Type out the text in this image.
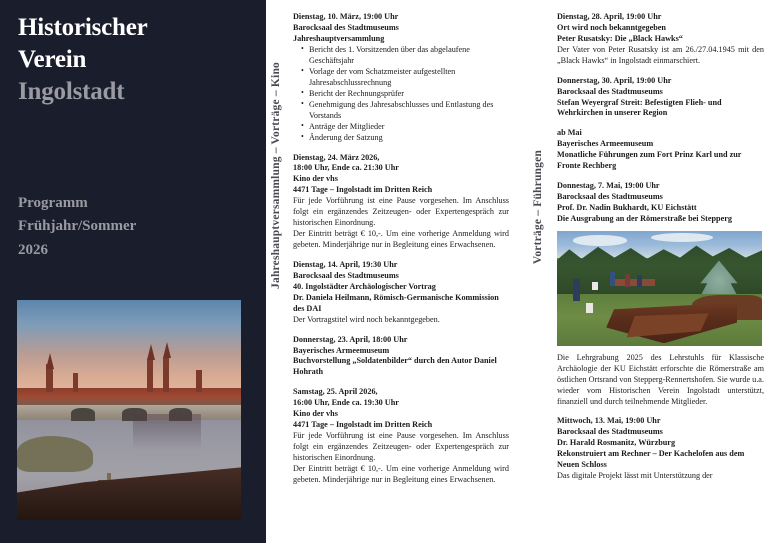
Historischer
Verein
Ingolstadt
Programm
Frühjahr/Sommer
2026	Jahreshauptversammlung – Vorträge – Kino	Vorträge – Führungen
Dienstag, 10. März, 19:00 Uhr
Barocksaal des Stadtmuseums
Jahreshauptversammlung
• Bericht des 1. Vorsitzenden über das abgelaufene Geschäftsjahr
• Vorlage der vom Schatzmeister aufgestellten Jahresabschlussrechnung
• Bericht der Rechnungsprüfer
• Genehmigung des Jahresabschlusses und Entlastung des Vorstands
• Anträge der Mitglieder
• Änderung der Satzung
Dienstag, 24. März 2026,
18:00 Uhr, Ende ca. 21:30 Uhr
Kino der vhs
4471 Tage – Ingolstadt im Dritten Reich

Für jede Vorführung ist eine Pause vorgesehen. Im Anschluss folgt ein ergänzendes Zeitzeugen- oder Expertengespräch zur historischen Einordnung.

Der Eintritt beträgt € 10,-. Um eine vorherige Anmeldung wird gebeten. Minderjährige nur in Begleitung eines Erwachsenen.

Dienstag, 14. April, 19:30 Uhr
Barocksaal des Stadtmuseums
40. Ingolstädter Archäologischer Vortrag
Dr. Daniela Heilmann, Römisch-Germanische Kommission des DAI

Der Vortragstitel wird noch bekanntgegeben.

Donnerstag, 23. April, 18:00 Uhr
Bayerisches Armeemuseum
Buchvorstellung „Soldatenbilder“ durch den Autor Daniel Hohrath
Samstag, 25. April 2026,
16:00 Uhr, Ende ca. 19:30 Uhr
Kino der vhs
4471 Tage – Ingolstadt im Dritten Reich

Für jede Vorführung ist eine Pause vorgesehen. Im Anschluss folgt ein ergänzendes Zeitzeugen- oder Expertengespräch zur historischen Einordnung.

Der Eintritt beträgt € 10,-. Um eine vorherige Anmeldung wird gebeten. Minderjährige nur in Begleitung eines Erwachsenen.

Dienstag, 28. April, 19:00 Uhr
Ort wird noch bekanntgegeben
Peter Rusatsky: Die „Black Hawks“

Der Vater von Peter Rusatsky ist am 26./27.04.1945 mit den „Black Hawks“ in Ingolstadt einmarschiert.

Donnerstag, 30. April, 19:00 Uhr
Barocksaal des Stadtmuseums
Stefan Weyergraf Streit: Befestigten Flieh- und Wehrkirchen in unserer Region
ab Mai
Bayerisches Armeemuseum
Monatliche Führungen zum Fort Prinz Karl und zur Fronte Rechberg
Donnestag, 7. Mai, 19:00 Uhr
Barocksaal des Stadtmuseums
Prof. Dr. Nadin Bukhardt, KU Eichstätt
Die Ausgrabung an der Römerstraße bei Stepperg

Die Lehrgrabung 2025 des Lehrstuhls für Klassische Archäologie der KU Eichstätt erforschte die Römerstraße am östlichen Ortsrand von Stepperg-Rennertshofen. Sie wurde u.a. wieder vom Historischen Verein Ingolstadt unterstützt, finanziell und durch teilnehmende Mitglieder.

Mittwoch, 13. Mai, 19:00 Uhr
Barocksaal des Stadtmuseums
Dr. Harald Rosmanitz, Würzburg
Rekonstruiert am Rechner – Der Kachelofen aus dem Neuen Schloss

Das digitale Projekt lässt mit Unterstützung der
